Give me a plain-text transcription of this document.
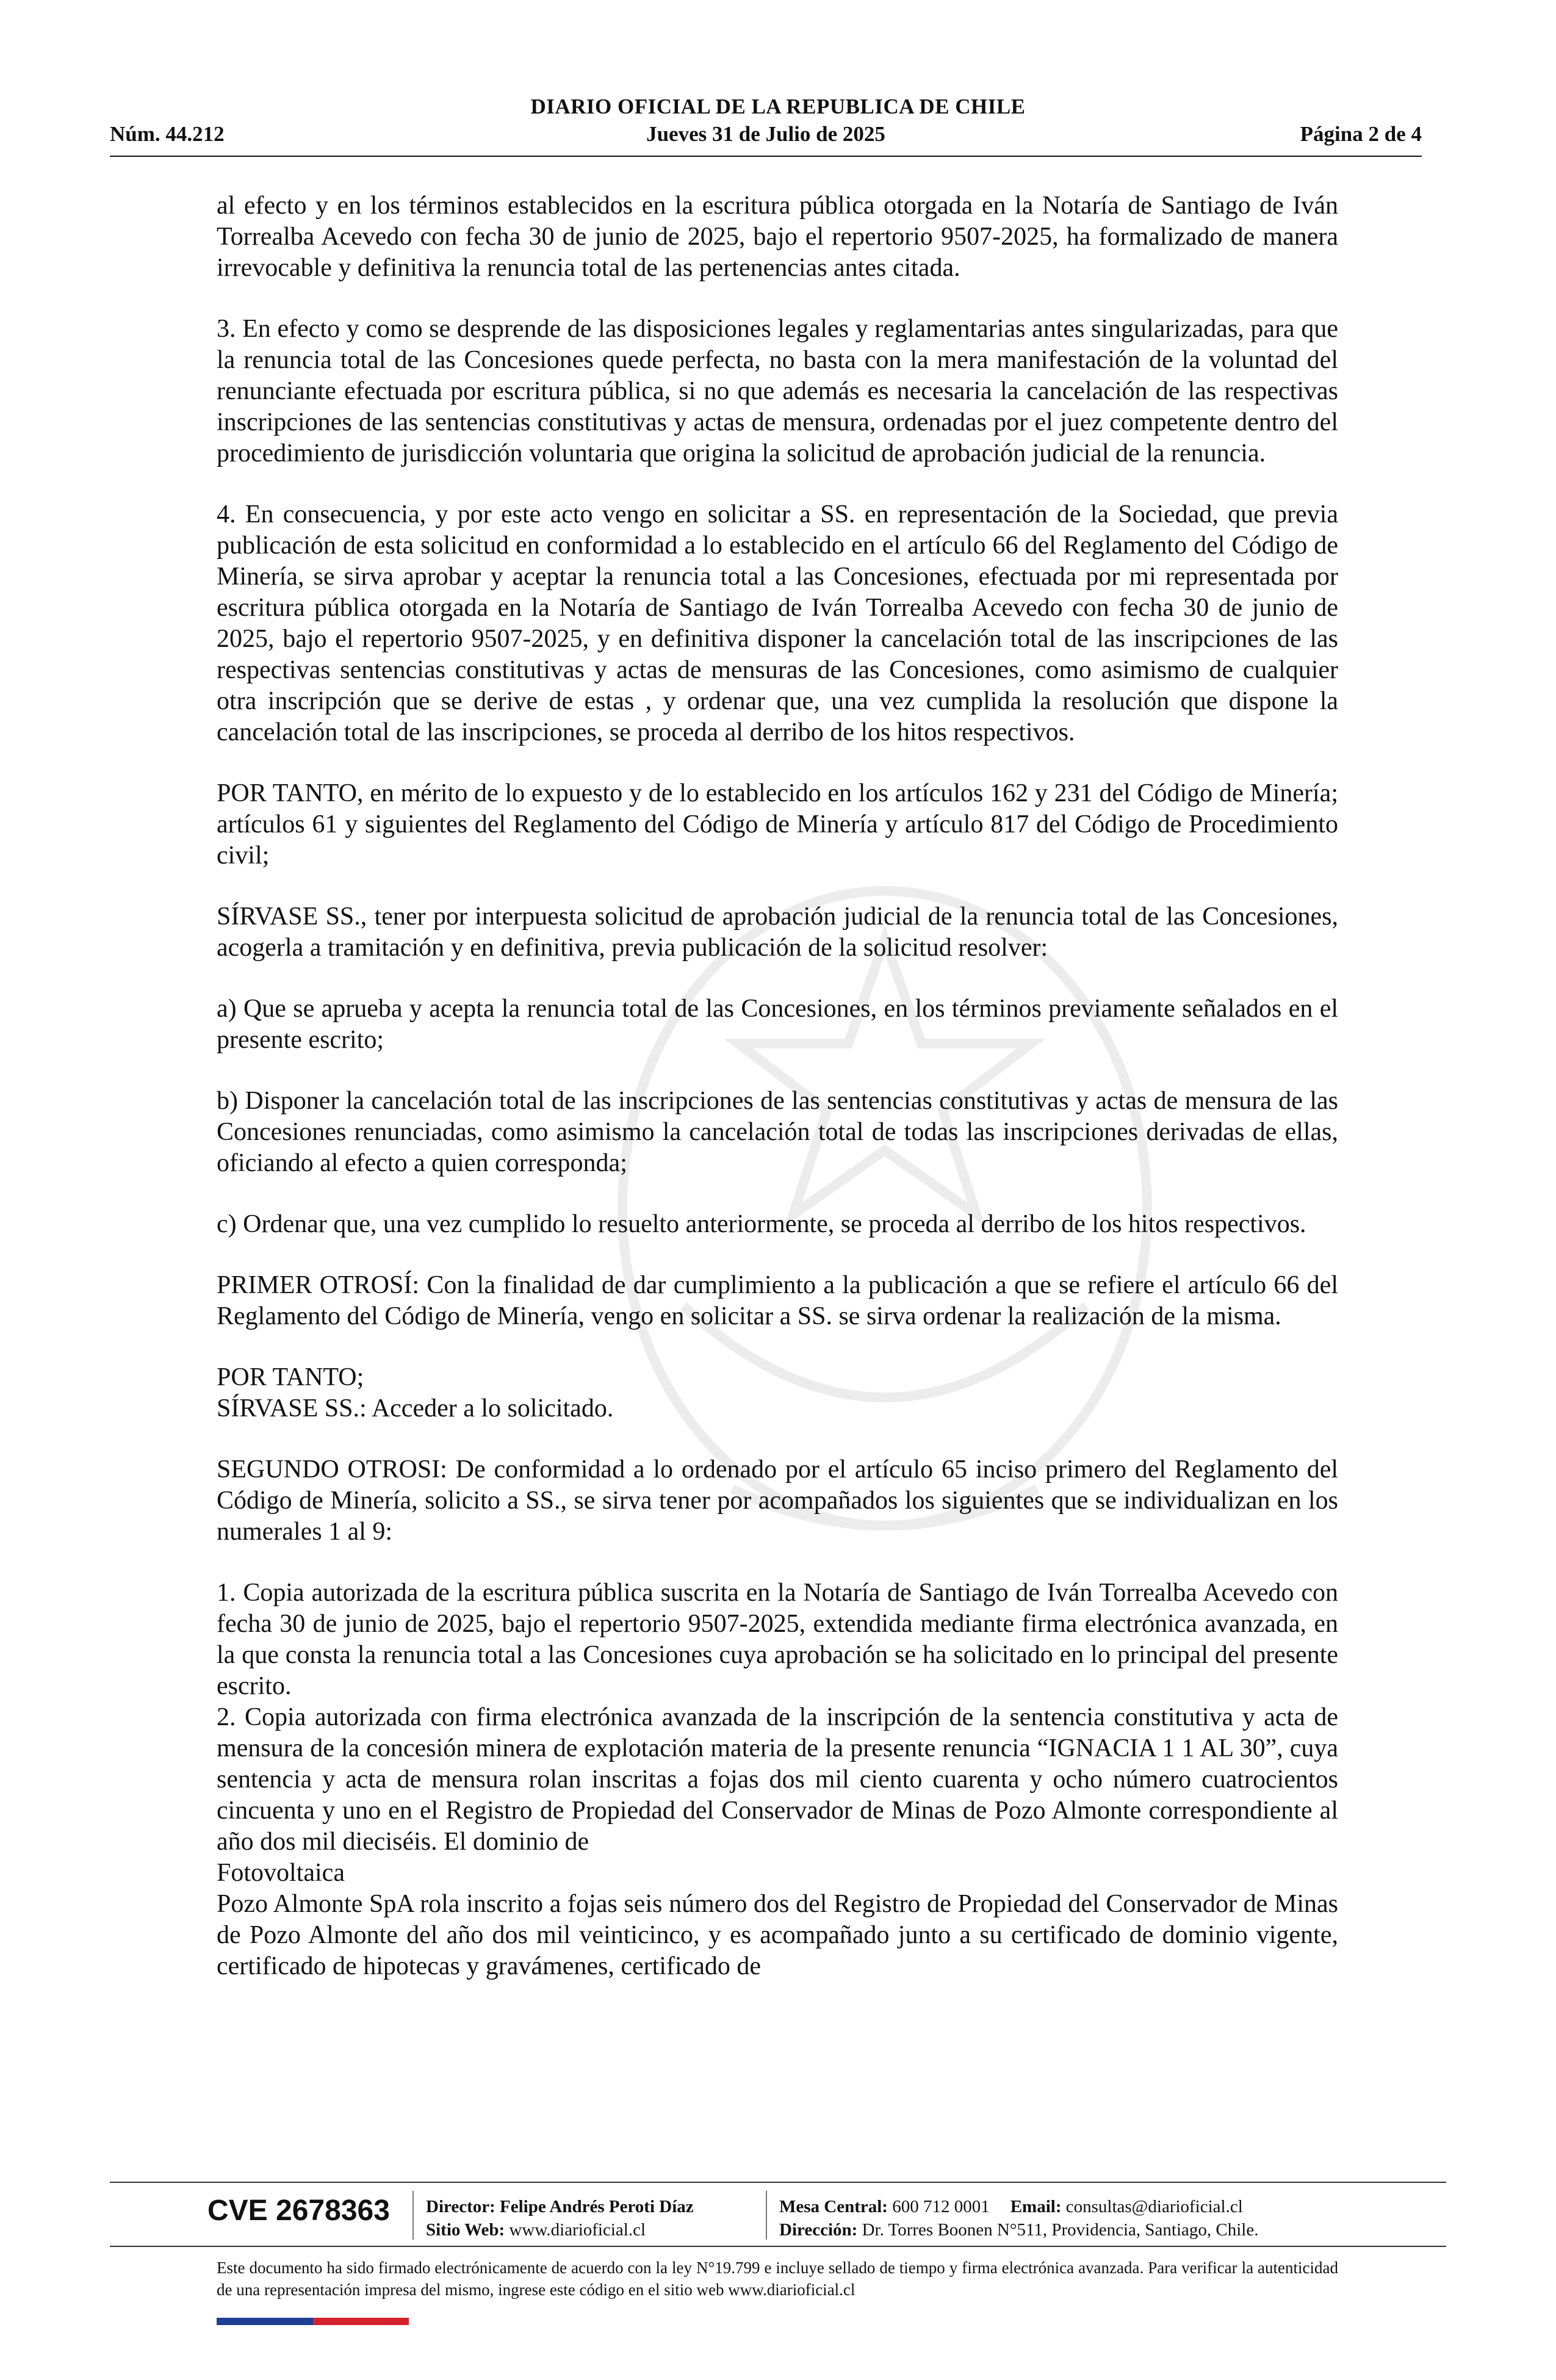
DIARIO OFICIAL DE LA REPUBLICA DE CHILE
Núm. 44.212	Jueves 31 de Julio de 2025	Página 2 de 4

al efecto y en los términos establecidos en la escritura pública otorgada en la Notaría de Santiago de Iván Torrealba Acevedo con fecha 30 de junio de 2025, bajo el repertorio 9507-2025, ha formalizado de manera irrevocable y definitiva la renuncia total de las pertenencias antes citada.

3. En efecto y como se desprende de las disposiciones legales y reglamentarias antes singularizadas, para que la renuncia total de las Concesiones quede perfecta, no basta con la mera manifestación de la voluntad del renunciante efectuada por escritura pública, si no que además es necesaria la cancelación de las respectivas inscripciones de las sentencias constitutivas y actas de mensura, ordenadas por el juez competente dentro del procedimiento de jurisdicción voluntaria que origina la solicitud de aprobación judicial de la renuncia.

4. En consecuencia, y por este acto vengo en solicitar a SS. en representación de la Sociedad, que previa publicación de esta solicitud en conformidad a lo establecido en el artículo 66 del Reglamento del Código de Minería, se sirva aprobar y aceptar la renuncia total a las Concesiones, efectuada por mi representada por escritura pública otorgada en la Notaría de Santiago de Iván Torrealba Acevedo con fecha 30 de junio de 2025, bajo el repertorio 9507-2025, y en definitiva disponer la cancelación total de las inscripciones de las respectivas sentencias constitutivas y actas de mensuras de las Concesiones, como asimismo de cualquier otra inscripción que se derive de estas , y ordenar que, una vez cumplida la resolución que dispone la cancelación total de las inscripciones, se proceda al derribo de los hitos respectivos.

POR TANTO, en mérito de lo expuesto y de lo establecido en los artículos 162 y 231 del Código de Minería; artículos 61 y siguientes del Reglamento del Código de Minería y artículo 817 del Código de Procedimiento civil;

SÍRVASE SS., tener por interpuesta solicitud de aprobación judicial de la renuncia total de las Concesiones, acogerla a tramitación y en definitiva, previa publicación de la solicitud resolver:

a) Que se aprueba y acepta la renuncia total de las Concesiones, en los términos previamente señalados en el presente escrito;

b) Disponer la cancelación total de las inscripciones de las sentencias constitutivas y actas de mensura de las Concesiones renunciadas, como asimismo la cancelación total de todas las inscripciones derivadas de ellas, oficiando al efecto a quien corresponda;

c) Ordenar que, una vez cumplido lo resuelto anteriormente, se proceda al derribo de los hitos respectivos.

PRIMER OTROSÍ: Con la finalidad de dar cumplimiento a la publicación a que se refiere el artículo 66 del Reglamento del Código de Minería, vengo en solicitar a SS. se sirva ordenar la realización de la misma.

POR TANTO;

SÍRVASE SS.: Acceder a lo solicitado.

SEGUNDO OTROSI: De conformidad a lo ordenado por el artículo 65 inciso primero del Reglamento del Código de Minería, solicito a SS., se sirva tener por acompañados los siguientes que se individualizan en los numerales 1 al 9:

1. Copia autorizada de la escritura pública suscrita en la Notaría de Santiago de Iván Torrealba Acevedo con fecha 30 de junio de 2025, bajo el repertorio 9507-2025, extendida mediante firma electrónica avanzada, en la que consta la renuncia total a las Concesiones cuya aprobación se ha solicitado en lo principal del presente escrito.

2. Copia autorizada con firma electrónica avanzada de la inscripción de la sentencia constitutiva y acta de mensura de la concesión minera de explotación materia de la presente renuncia “IGNACIA 1 1 AL 30”, cuya sentencia y acta de mensura rolan inscritas a fojas dos mil ciento cuarenta y ocho número cuatrocientos cincuenta y uno en el Registro de Propiedad del Conservador de Minas de Pozo Almonte correspondiente al año dos mil dieciséis. El dominio de

Fotovoltaica

Pozo Almonte SpA rola inscrito a fojas seis número dos del Registro de Propiedad del Conservador de Minas de Pozo Almonte del año dos mil veinticinco, y es acompañado junto a su certificado de dominio vigente, certificado de hipotecas y gravámenes, certificado de

CVE 2678363 Director: Felipe Andrés Peroti Díaz
Sitio Web: www.diarioficial.cl
Mesa Central: 600 712 0001 Email: consultas@diarioficial.cl
Dirección: Dr. Torres Boonen N°511, Providencia, Santiago, Chile.
Este documento ha sido firmado electrónicamente de acuerdo con la ley N°19.799 e incluye sellado de tiempo y firma electrónica avanzada. Para verificar la autenticidad de una representación impresa del mismo, ingrese este código en el sitio web www.diarioficial.cl
